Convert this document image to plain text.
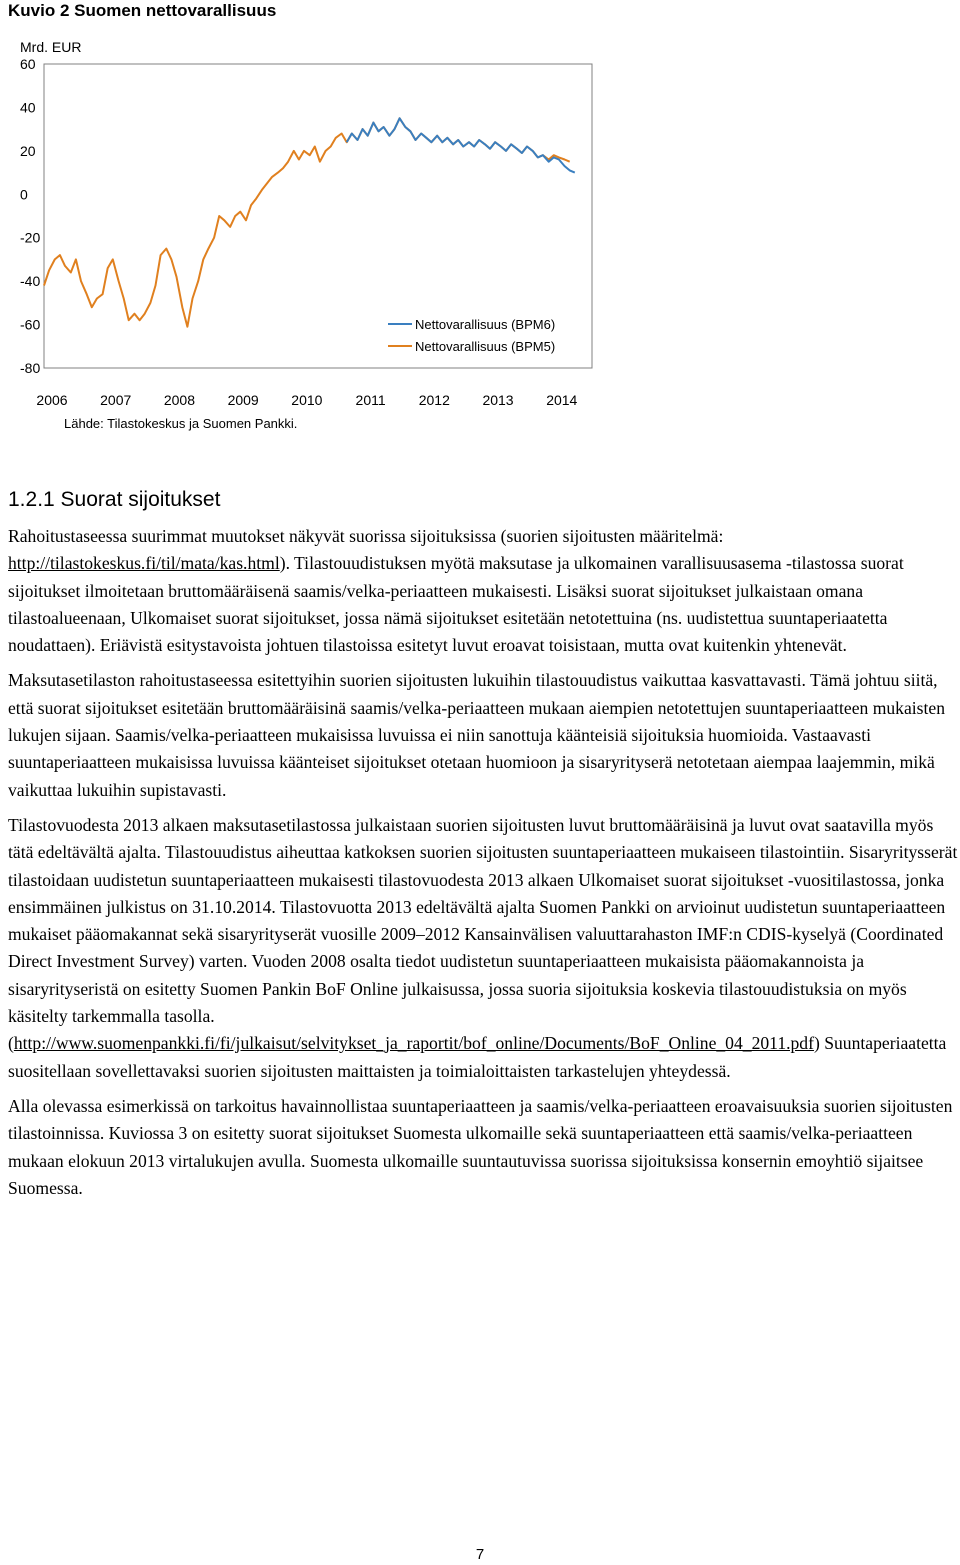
Kuvio 2 Suomen nettovarallisuus
Mrd. EUR
60
40
20
0
-20
-40
-60
-80
2006 2007 2008 2009 2010 2011 2012 2013 2014
Nettovarallisuus (BPM6)
Nettovarallisuus (BPM5)
Lähde: Tilastokeskus ja Suomen Pankki.
1.2.1 Suorat sijoitukset

Rahoitustaseessa suurimmat muutokset näkyvät suorissa sijoituksissa (suorien sijoitusten määritelmä: http://tilastokeskus.fi/til/mata/kas.html). Tilastouudistuksen myötä maksutase ja ulkomainen varallisuusasema -tilastossa suorat sijoitukset ilmoitetaan bruttomääräisenä saamis/velka-periaatteen mukaisesti. Lisäksi suorat sijoitukset julkaistaan omana tilastoalueenaan, Ulkomaiset suorat sijoitukset, jossa nämä sijoitukset esitetään netotettuina (ns. uudistettua suuntaperiaatetta noudattaen). Eriävistä esitystavoista johtuen tilastoissa esitetyt luvut eroavat toisistaan, mutta ovat kuitenkin yhtenevät.

Maksutasetilaston rahoitustaseessa esitettyihin suorien sijoitusten lukuihin tilastouudistus vaikuttaa kasvattavasti. Tämä johtuu siitä, että suorat sijoitukset esitetään bruttomääräisinä saamis/velka-periaatteen mukaan aiempien netotettujen suuntaperiaatteen mukaisten lukujen sijaan. Saamis/velka-periaatteen mukaisissa luvuissa ei niin sanottuja käänteisiä sijoituksia huomioida. Vastaavasti suuntaperiaatteen mukaisissa luvuissa käänteiset sijoitukset otetaan huomioon ja sisaryrityserä netotetaan aiempaa laajemmin, mikä vaikuttaa lukuihin supistavasti.

Tilastovuodesta 2013 alkaen maksutasetilastossa julkaistaan suorien sijoitusten luvut bruttomääräisinä ja luvut ovat saatavilla myös tätä edeltävältä ajalta. Tilastouudistus aiheuttaa katkoksen suorien sijoitusten suuntaperiaatteen mukaiseen tilastointiin. Sisaryritysserät tilastoidaan uudistetun suuntaperiaatteen mukaisesti tilastovuodesta 2013 alkaen Ulkomaiset suorat sijoitukset -vuositilastossa, jonka ensimmäinen julkistus on 31.10.2014. Tilastovuotta 2013 edeltävältä ajalta Suomen Pankki on arvioinut uudistetun suuntaperiaatteen mukaiset pääomakannat sekä sisaryrityserät vuosille 2009–2012 Kansainvälisen valuuttarahaston IMF:n CDIS-kyselyä (Coordinated Direct Investment Survey) varten. Vuoden 2008 osalta tiedot uudistetun suuntaperiaatteen mukaisista pääomakannoista ja sisaryrityseristä on esitetty Suomen Pankin BoF Online julkaisussa, jossa suoria sijoituksia koskevia tilastouudistuksia on myös käsitelty tarkemmalla tasolla. (http://www.suomenpankki.fi/fi/julkaisut/selvitykset_ja_raportit/bof_online/Documents/BoF_Online_04_2011.pdf) Suuntaperiaatetta suositellaan sovellettavaksi suorien sijoitusten maittaisten ja toimialoittaisten tarkastelujen yhteydessä.

Alla olevassa esimerkissä on tarkoitus havainnollistaa suuntaperiaatteen ja saamis/velka-periaatteen eroavaisuuksia suorien sijoitusten tilastoinnissa. Kuviossa 3 on esitetty suorat sijoitukset Suomesta ulkomaille sekä suuntaperiaatteen että saamis/velka-periaatteen mukaan elokuun 2013 virtalukujen avulla. Suomesta ulkomaille suuntautuvissa suorissa sijoituksissa konsernin emoyhtiö sijaitsee Suomessa.

7
